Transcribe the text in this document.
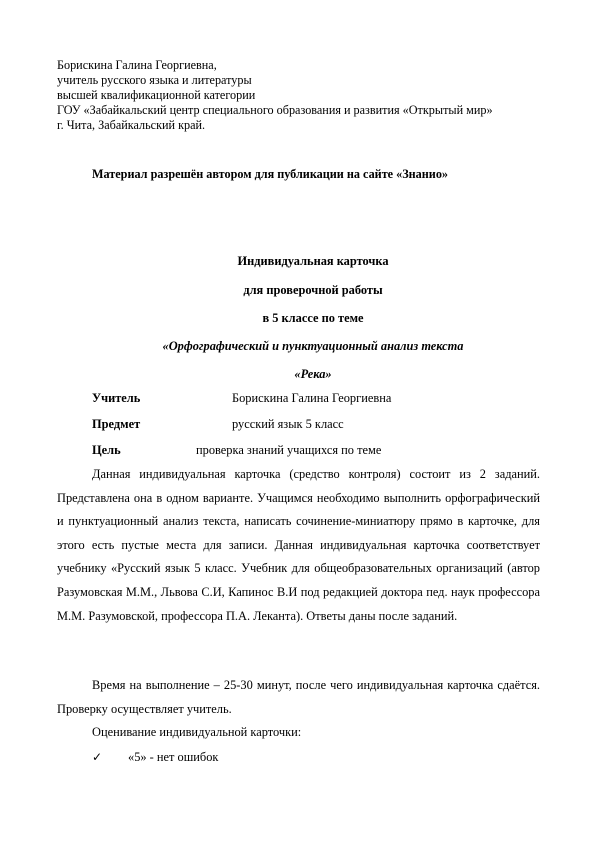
Борискина Галина Георгиевна,
учитель русского языка и литературы
высшей квалификационной категории
ГОУ «Забайкальский центр специального образования и развития «Открытый мир»
г. Чита, Забайкальский край.
Материал разрешён автором для публикации на сайте «Знанио»
Индивидуальная карточка
для проверочной работы
в 5 классе по теме
«Орфографический и пунктуационный анализ текста
«Река»
Учитель	Борискина Галина Георгиевна
Предмет	русский язык 5 класс
Цель	проверка знаний учащихся по теме
Данная индивидуальная карточка (средство контроля) состоит из 2 заданий. Представлена она в одном варианте. Учащимся необходимо выполнить орфографический и пунктуационный анализ текста, написать сочинение-миниатюру прямо в карточке, для этого есть пустые места для записи. Данная индивидуальная карточка соответствует учебнику «Русский язык 5 класс. Учебник для общеобразовательных организаций (автор Разумовская М.М., Львова С.И, Капинос В.И под редакцией доктора пед. наук профессора М.М. Разумовской, профессора П.А. Леканта). Ответы даны после заданий.
Время на выполнение – 25-30 минут, после чего индивидуальная карточка сдаётся. Проверку осуществляет учитель.
Оценивание индивидуальной карточки:
✓ «5» - нет ошибок
